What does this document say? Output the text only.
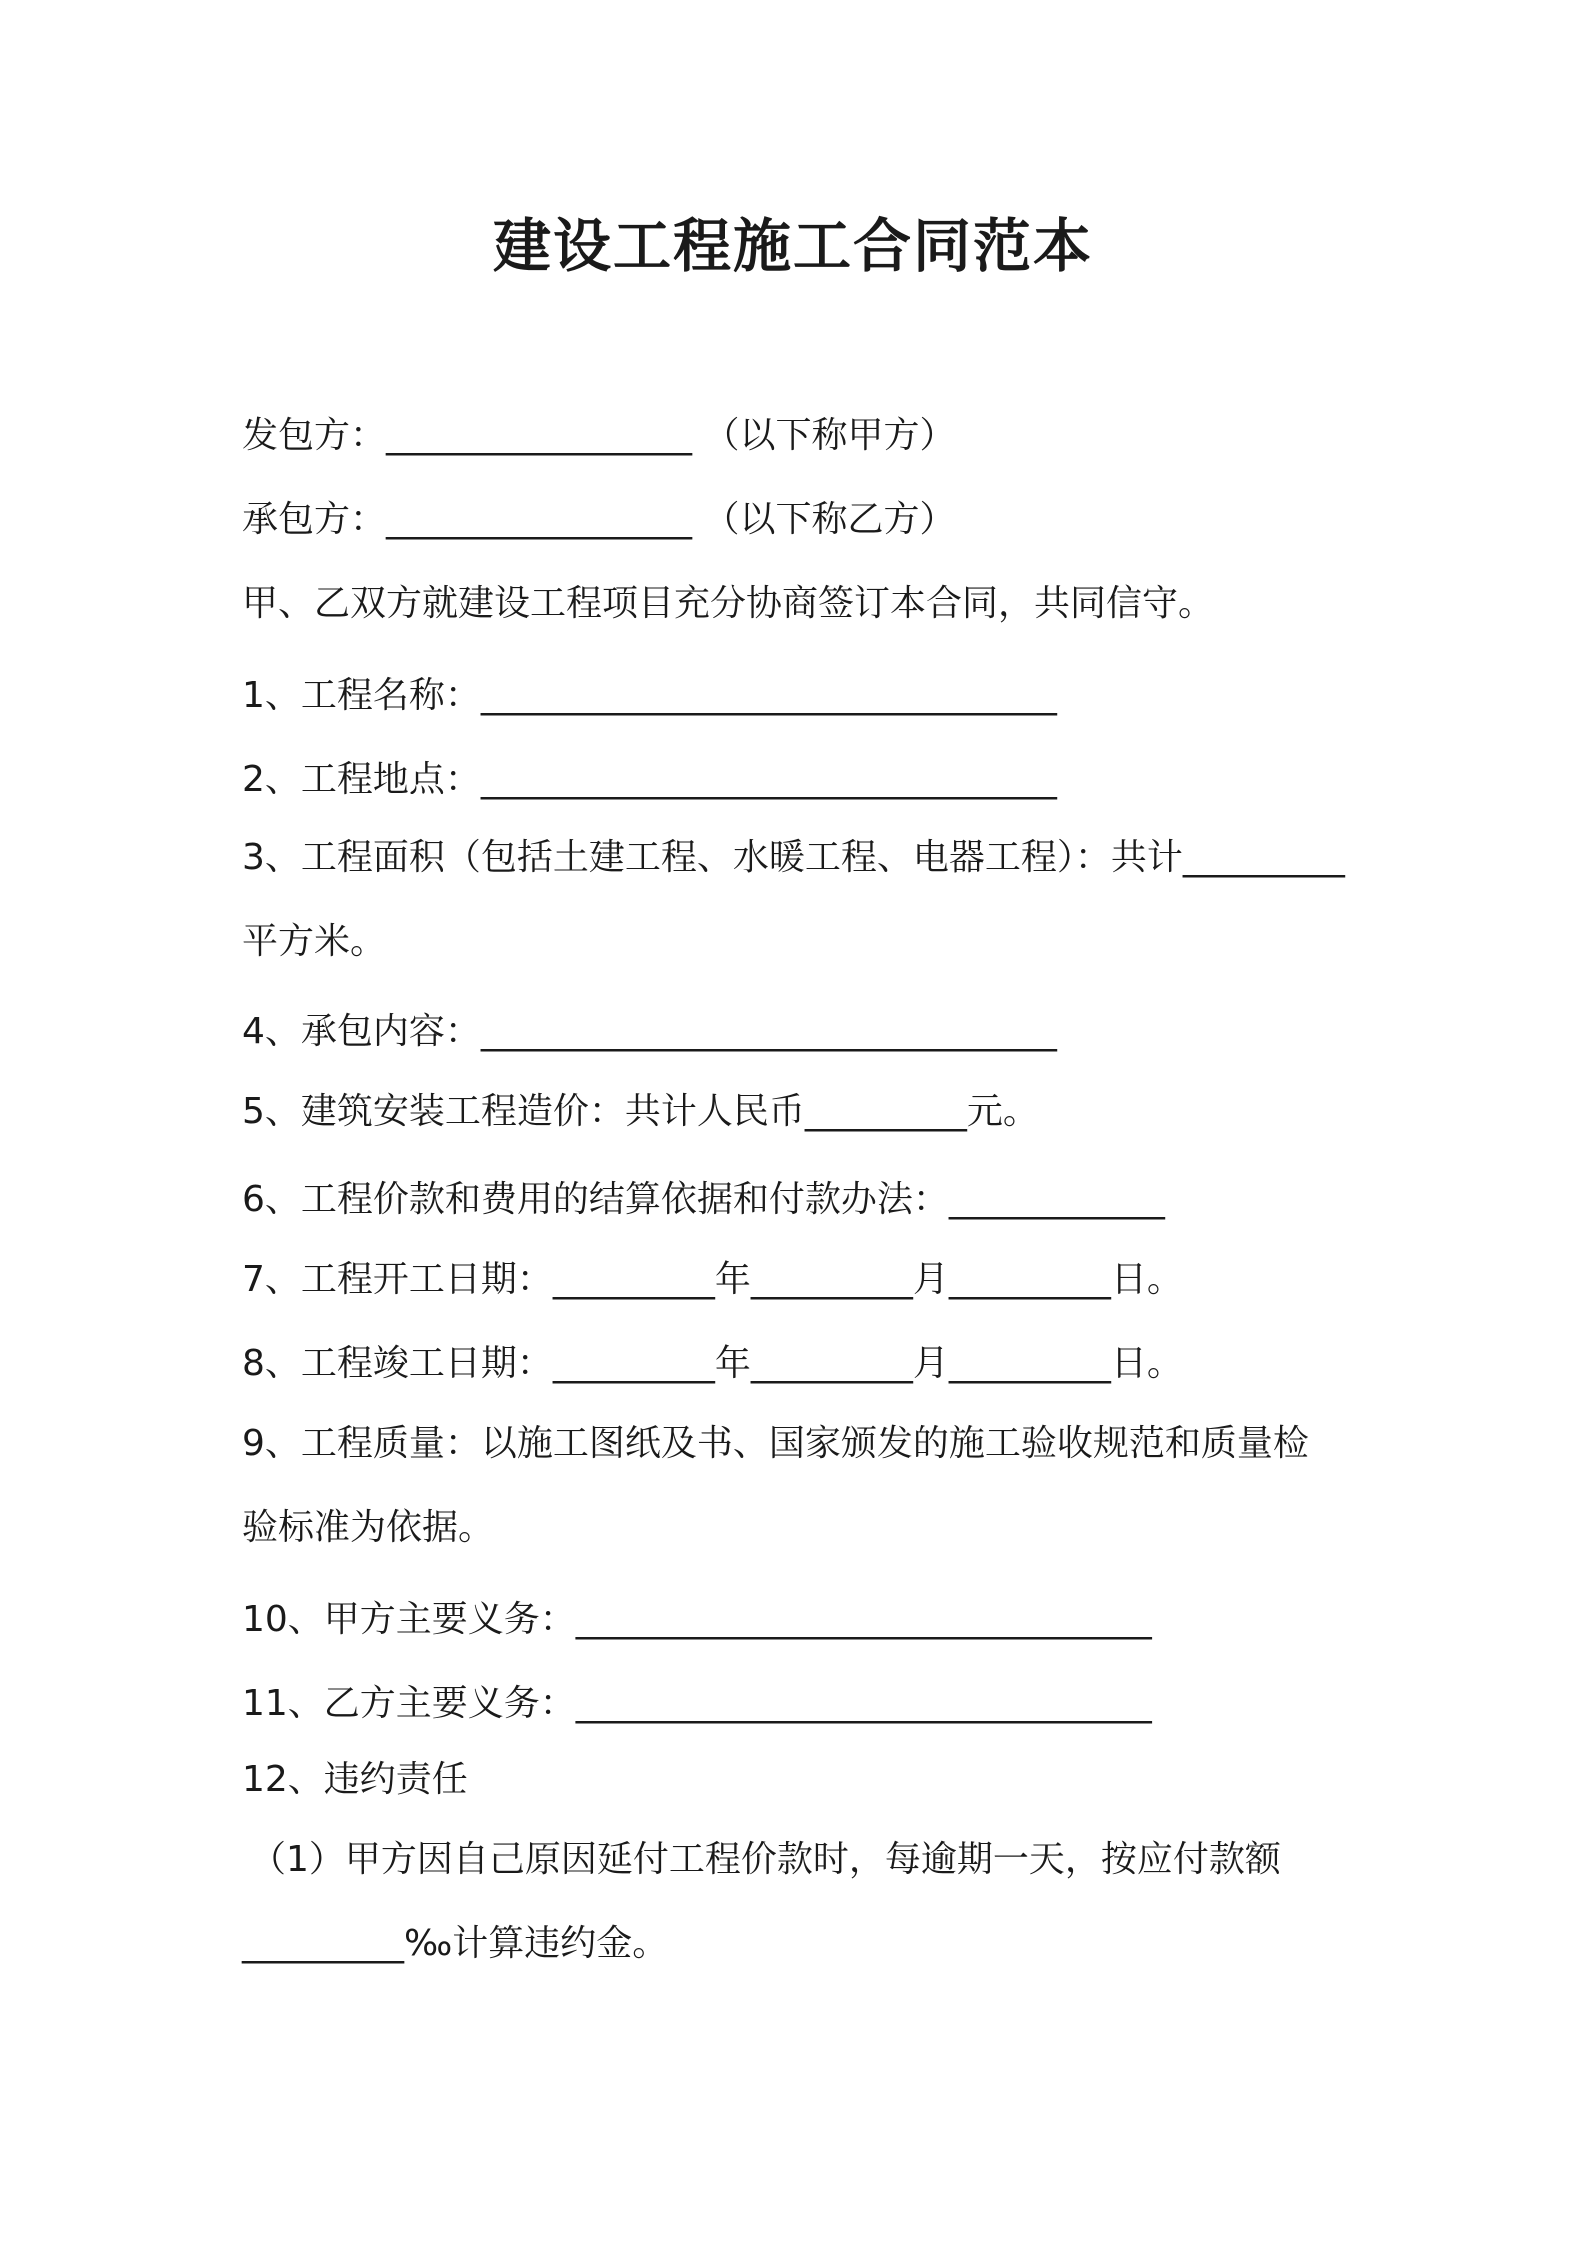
建设工程施工合同范本
发包方：_________________ （以下称甲方）
承包方：_________________ （以下称乙方）
甲、乙双方就建设工程项目充分协商签订本合同，共同信守。
1、工程名称：________________________________
2、工程地点：________________________________
3、工程面积（包括土建工程、水暖工程、电器工程）：共计_________
平方米。
4、承包内容：________________________________
5、建筑安装工程造价：共计人民币_________元。
6、工程价款和费用的结算依据和付款办法：____________
7、工程开工日期：_________年_________月_________日。
8、工程竣工日期：_________年_________月_________日。
9、工程质量：以施工图纸及书、国家颁发的施工验收规范和质量检
验标准为依据。
10、甲方主要义务：________________________________
11、乙方主要义务：________________________________
12、违约责任
（1）甲方因自己原因延付工程价款时，每逾期一天，按应付款额
_________‰计算违约金。
